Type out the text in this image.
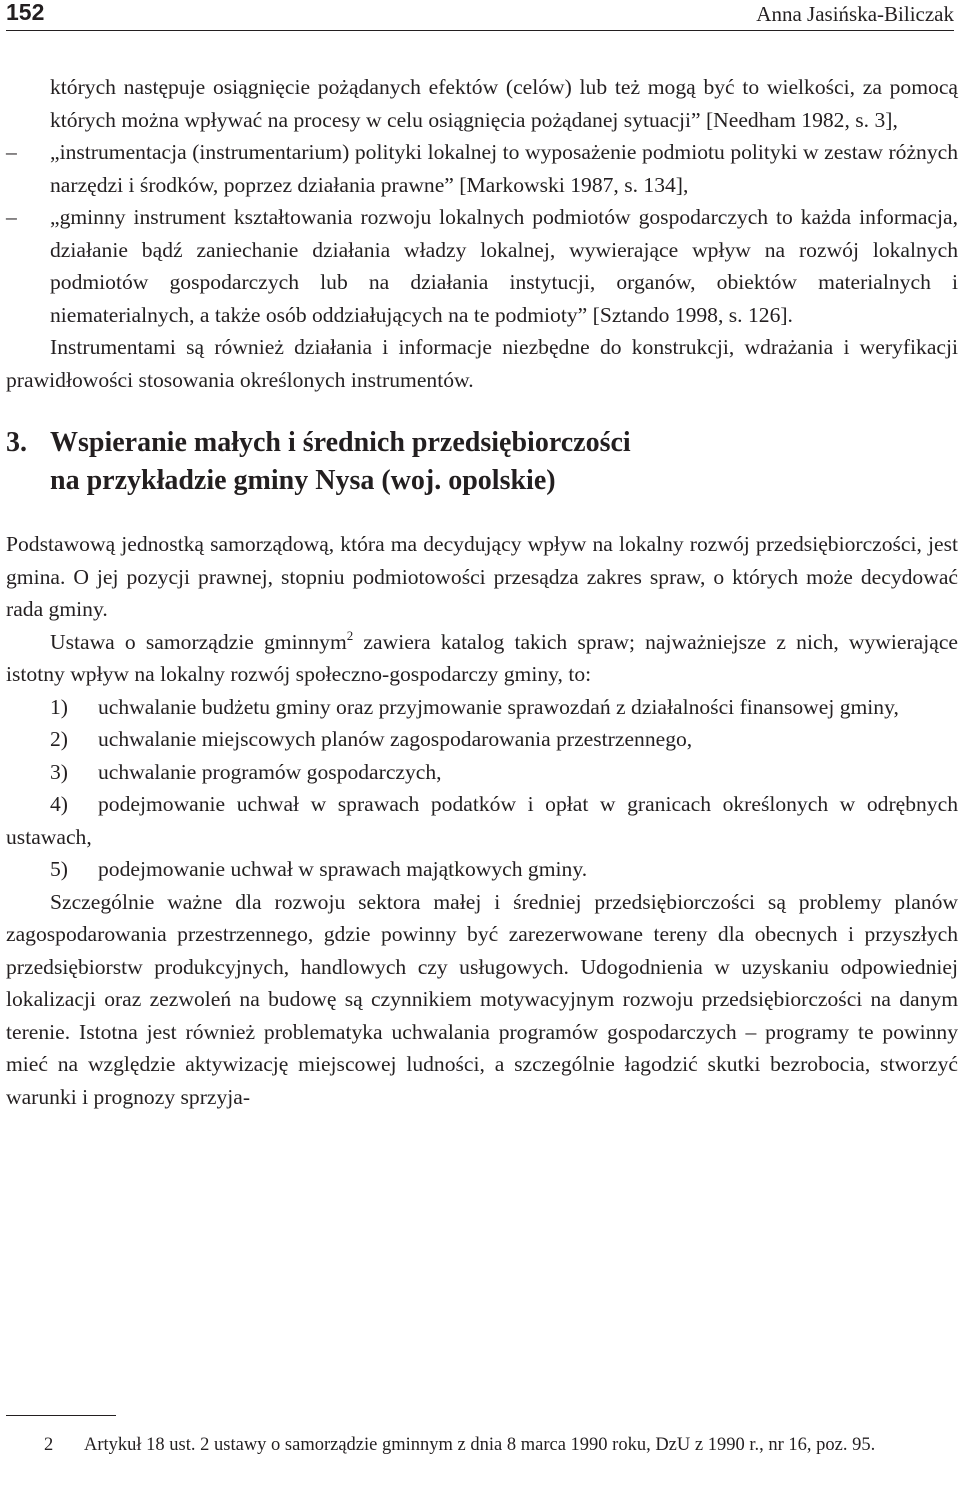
152	Anna Jasińska-Biliczak

których następuje osiągnięcie pożądanych efektów (celów) lub też mogą być to wielkości, za pomocą których można wpływać na procesy w celu osiągnięcia pożądanej sytuacji” [Needham 1982, s. 3],

– „instrumentacja (instrumentarium) polityki lokalnej to wyposażenie podmiotu polityki w zestaw różnych narzędzi i środków, poprzez działania prawne” [Markowski 1987, s. 134],
– „gminny instrument kształtowania rozwoju lokalnych podmiotów gospodarczych to każda informacja, działanie bądź zaniechanie działania władzy lokalnej, wywierające wpływ na rozwój lokalnych podmiotów gospodarczych lub na działania instytucji, organów, obiektów materialnych i niematerialnych, a także osób oddziałujących na te podmioty” [Sztando 1998, s. 126].

Instrumentami są również działania i informacje niezbędne do konstrukcji, wdrażania i weryfikacji prawidłowości stosowania określonych instrumentów.

3. Wspieranie małych i średnich przedsiębiorczości
na przykładzie gminy Nysa (woj. opolskie)

Podstawową jednostką samorządową, która ma decydujący wpływ na lokalny rozwój przedsiębiorczości, jest gmina. O jej pozycji prawnej, stopniu podmiotowości przesądza zakres spraw, o których może decydować rada gminy.

Ustawa o samorządzie gminnym$^2$ zawiera katalog takich spraw; najważniejsze z nich, wywierające istotny wpływ na lokalny rozwój społeczno-gospodarczy gminy, to:

1) uchwalanie budżetu gminy oraz przyjmowanie sprawozdań z działalności finansowej gminy,

2) uchwalanie miejscowych planów zagospodarowania przestrzennego,

3) uchwalanie programów gospodarczych,

4) podejmowanie uchwał w sprawach podatków i opłat w granicach określonych w odrębnych ustawach,

5) podejmowanie uchwał w sprawach majątkowych gminy.

Szczególnie ważne dla rozwoju sektora małej i średniej przedsiębiorczości są problemy planów zagospodarowania przestrzennego, gdzie powinny być zarezerwowane tereny dla obecnych i przyszłych przedsiębiorstw produkcyjnych, handlowych czy usługowych. Udogodnienia w uzyskaniu odpowiedniej lokalizacji oraz zezwoleń na budowę są czynnikiem motywacyjnym rozwoju przedsiębiorczości na danym terenie. Istotna jest również problematyka uchwalania programów gospodarczych – programy te powinny mieć na względzie aktywizację miejscowej ludności, a szczególnie łagodzić skutki bezrobocia, stworzyć warunki i prognozy sprzyja-

2 Artykuł 18 ust. 2 ustawy o samorządzie gminnym z dnia 8 marca 1990 roku, DzU z 1990 r., nr 16, poz. 95.
